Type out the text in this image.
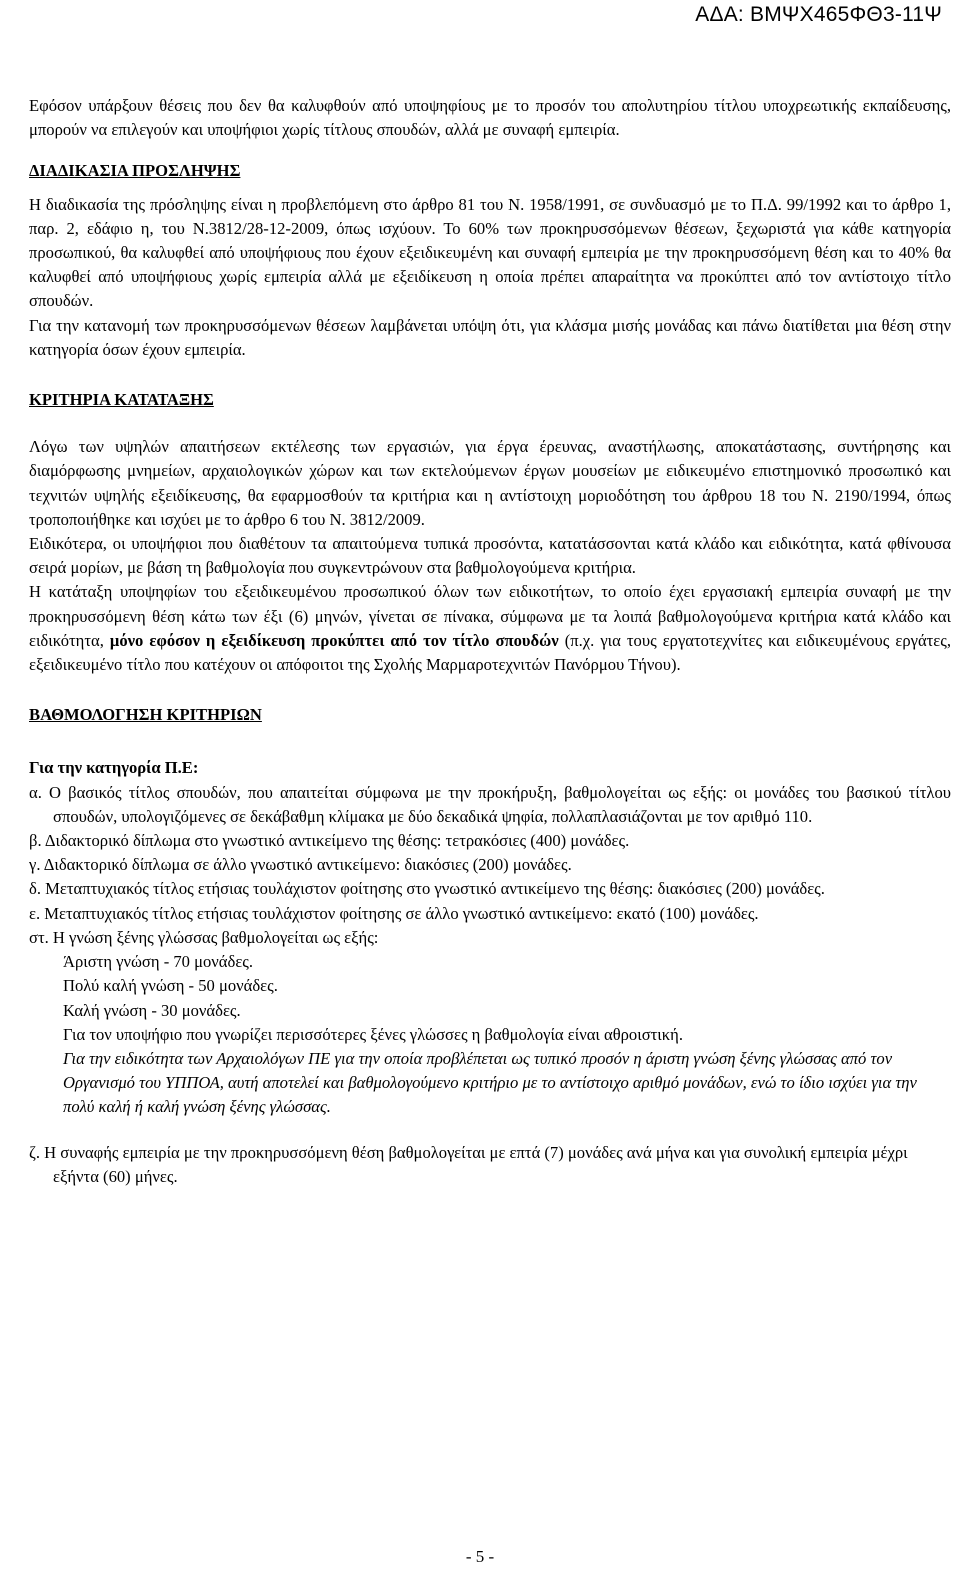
ΑΔΑ: ΒΜΨΧ465ΦΘ3-11Ψ

Εφόσον υπάρξουν θέσεις που δεν θα καλυφθούν από υποψηφίους με το προσόν του απολυτηρίου τίτλου υποχρεωτικής εκπαίδευσης, μπορούν να επιλεγούν και υποψήφιοι χωρίς τίτλους σπουδών, αλλά με συναφή εμπειρία.

ΔΙΑΔΙΚΑΣΙΑ ΠΡΟΣΛΗΨΗΣ

Η διαδικασία της πρόσληψης είναι η προβλεπόμενη στο άρθρο 81 του Ν. 1958/1991, σε συνδυασμό με το Π.Δ. 99/1992 και το άρθρο 1, παρ. 2, εδάφιο η, του Ν.3812/28-12-2009, όπως ισχύουν. Το 60% των προκηρυσσόμενων θέσεων, ξεχωριστά για κάθε κατηγορία προσωπικού, θα καλυφθεί από υποψήφιους που έχουν εξειδικευμένη και συναφή εμπειρία με την προκηρυσσόμενη θέση και το 40% θα καλυφθεί από υποψήφιους χωρίς εμπειρία αλλά με εξειδίκευση η οποία πρέπει απαραίτητα να προκύπτει από τον αντίστοιχο τίτλο σπουδών.

Για την κατανομή των προκηρυσσόμενων θέσεων λαμβάνεται υπόψη ότι, για κλάσμα μισής μονάδας και πάνω διατίθεται μια θέση στην κατηγορία όσων έχουν εμπειρία.

ΚΡΙΤΗΡΙΑ ΚΑΤΑΤΑΞΗΣ

Λόγω των υψηλών απαιτήσεων εκτέλεσης των εργασιών, για έργα έρευνας, αναστήλωσης, αποκατάστασης, συντήρησης και διαμόρφωσης μνημείων, αρχαιολογικών χώρων και των εκτελούμενων έργων μουσείων με ειδικευμένο επιστημονικό προσωπικό και τεχνιτών υψηλής εξειδίκευσης, θα εφαρμοσθούν τα κριτήρια και η αντίστοιχη μοριοδότηση του άρθρου 18 του Ν. 2190/1994, όπως τροποποιήθηκε και ισχύει με το άρθρο 6 του Ν. 3812/2009.

Ειδικότερα, οι υποψήφιοι που διαθέτουν τα απαιτούμενα τυπικά προσόντα, κατατάσσονται κατά κλάδο και ειδικότητα, κατά φθίνουσα σειρά μορίων, με βάση τη βαθμολογία που συγκεντρώνουν στα βαθμολογούμενα κριτήρια.

Η κατάταξη υποψηφίων του εξειδικευμένου προσωπικού όλων των ειδικοτήτων, το οποίο έχει εργασιακή εμπειρία συναφή με την προκηρυσσόμενη θέση κάτω των έξι (6) μηνών, γίνεται σε πίνακα, σύμφωνα με τα λοιπά βαθμολογούμενα κριτήρια κατά κλάδο και ειδικότητα, μόνο εφόσον η εξειδίκευση προκύπτει από τον τίτλο σπουδών (π.χ. για τους εργατοτεχνίτες και ειδικευμένους εργάτες, εξειδικευμένο τίτλο που κατέχουν οι απόφοιτοι της Σχολής Μαρμαροτεχνιτών Πανόρμου Τήνου).

ΒΑΘΜΟΛΟΓΗΣΗ ΚΡΙΤΗΡΙΩΝ

Για την κατηγορία Π.Ε:

α. Ο βασικός τίτλος σπουδών, που απαιτείται σύμφωνα με την προκήρυξη, βαθμολογείται ως εξής: οι μονάδες του βασικού τίτλου σπουδών, υπολογιζόμενες σε δεκάβαθμη κλίμακα με δύο δεκαδικά ψηφία, πολλαπλασιάζονται με τον αριθμό 110.

β. Διδακτορικό δίπλωμα στο γνωστικό αντικείμενο της θέσης: τετρακόσιες (400) μονάδες.

γ. Διδακτορικό δίπλωμα σε άλλο γνωστικό αντικείμενο: διακόσιες (200) μονάδες.

δ. Μεταπτυχιακός τίτλος ετήσιας τουλάχιστον φοίτησης στο γνωστικό αντικείμενο της θέσης: διακόσιες (200) μονάδες.

ε. Μεταπτυχιακός τίτλος ετήσιας τουλάχιστον φοίτησης σε άλλο γνωστικό αντικείμενο: εκατό (100) μονάδες.

στ. Η γνώση ξένης γλώσσας βαθμολογείται ως εξής:

Άριστη γνώση - 70 μονάδες.

Πολύ καλή γνώση - 50 μονάδες.

Καλή γνώση - 30 μονάδες.

Για τον υποψήφιο που γνωρίζει περισσότερες ξένες γλώσσες η βαθμολογία είναι αθροιστική.

Για την ειδικότητα των Αρχαιολόγων ΠΕ για την οποία προβλέπεται ως τυπικό προσόν η άριστη γνώση ξένης γλώσσας από τον Οργανισμό του ΥΠΠΟΑ, αυτή αποτελεί και βαθμολογούμενο κριτήριο με το αντίστοιχο αριθμό μονάδων, ενώ το ίδιο ισχύει για την πολύ καλή ή καλή γνώση ξένης γλώσσας.

ζ. Η συναφής εμπειρία με την προκηρυσσόμενη θέση βαθμολογείται με επτά (7) μονάδες ανά μήνα και για συνολική εμπειρία μέχρι εξήντα (60) μήνες.

- 5 -
